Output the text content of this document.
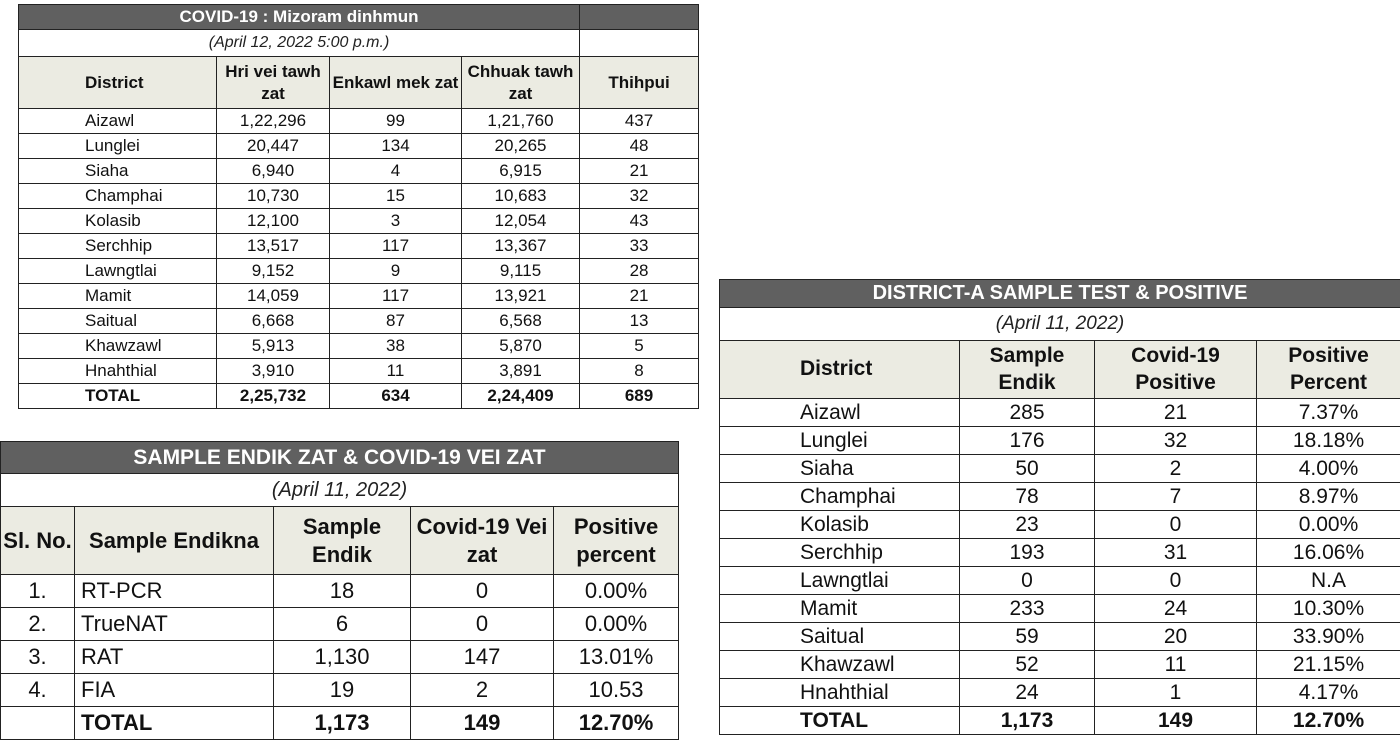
COVID-19 : Mizoram dinhmun				
(April 12, 2022 5:00 p.m.)				
District	Hri vei tawh zat	Enkawl mek zat	Chhuak tawh zat	Thihpui
Aizawl	1,22,296	99	1,21,760	437
Lunglei	20,447	134	20,265	48
Siaha	6,940	4	6,915	21
Champhai	10,730	15	10,683	32
Kolasib	12,100	3	12,054	43
Serchhip	13,517	117	13,367	33
Lawngtlai	9,152	9	9,115	28
Mamit	14,059	117	13,921	21
Saitual	6,668	87	6,568	13
Khawzawl	5,913	38	5,870	5
Hnahthial	3,910	11	3,891	8
TOTAL	2,25,732	634	2,24,409	689
SAMPLE ENDIK ZAT & COVID-19 VEI ZAT				
(April 11, 2022)				
Sl. No.	Sample Endikna	Sample Endik	Covid-19 Vei zat	Positive percent
1.	RT-PCR	18	0	0.00%
2.	TrueNAT	6	0	0.00%
3.	RAT	1,130	147	13.01%
4.	FIA	19	2	10.53
	TOTAL	1,173	149	12.70%
DISTRICT-A SAMPLE TEST & POSITIVE			
(April 11, 2022)			
District	Sample Endik	Covid-19 Positive	Positive Percent
Aizawl	285	21	7.37%
Lunglei	176	32	18.18%
Siaha	50	2	4.00%
Champhai	78	7	8.97%
Kolasib	23	0	0.00%
Serchhip	193	31	16.06%
Lawngtlai	0	0	N.A
Mamit	233	24	10.30%
Saitual	59	20	33.90%
Khawzawl	52	11	21.15%
Hnahthial	24	1	4.17%
TOTAL	1,173	149	12.70%
